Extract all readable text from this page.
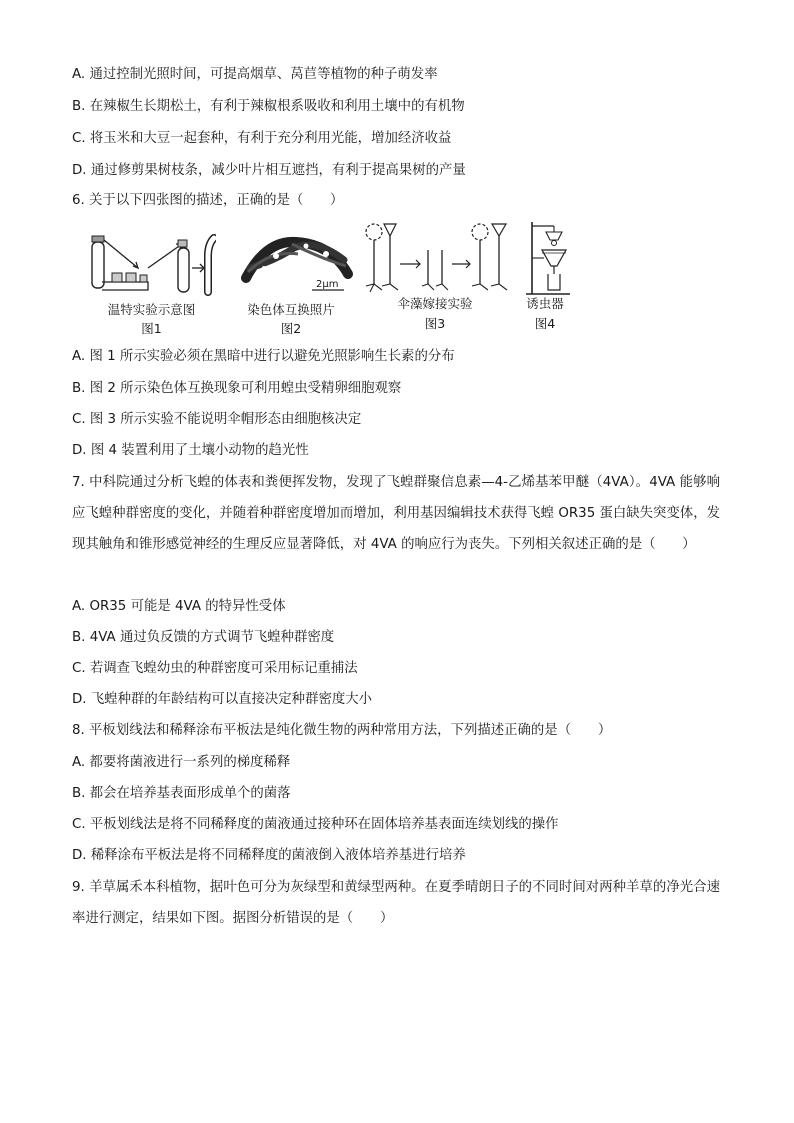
A. 通过控制光照时间，可提高烟草、莴苣等植物的种子萌发率
B. 在辣椒生长期松土，有利于辣椒根系吸收和利用土壤中的有机物
C. 将玉米和大豆一起套种，有利于充分利用光能，增加经济收益
D. 通过修剪果树枝条，减少叶片相互遮挡，有利于提高果树的产量
6. 关于以下四张图的描述，正确的是（　　）
温特实验示意图
图1
2μm
染色体互换照片
图2
伞藻嫁接实验
图3
诱虫器
图4
A. 图 1 所示实验必须在黑暗中进行以避免光照影响生长素的分布
B. 图 2 所示染色体互换现象可利用蝗虫受精卵细胞观察
C. 图 3 所示实验不能说明伞帽形态由细胞核决定
D. 图 4 装置利用了土壤小动物的趋光性
7. 中科院通过分析飞蝗的体表和粪便挥发物，发现了飞蝗群聚信息素—4-乙烯基苯甲醚（4VA）。4VA 能够响应飞蝗种群密度的变化，并随着种群密度增加而增加，利用基因编辑技术获得飞蝗 OR35 蛋白缺失突变体，发现其触角和锥形感觉神经的生理反应显著降低，对 4VA 的响应行为丧失。下列相关叙述正确的是（　　）
A. OR35 可能是 4VA 的特异性受体
B. 4VA 通过负反馈的方式调节飞蝗种群密度
C. 若调查飞蝗幼虫的种群密度可采用标记重捕法
D. 飞蝗种群的年龄结构可以直接决定种群密度大小
8. 平板划线法和稀释涂布平板法是纯化微生物的两种常用方法，下列描述正确的是（　　）
A. 都要将菌液进行一系列的梯度稀释
B. 都会在培养基表面形成单个的菌落
C. 平板划线法是将不同稀释度的菌液通过接种环在固体培养基表面连续划线的操作
D. 稀释涂布平板法是将不同稀释度的菌液倒入液体培养基进行培养
9. 羊草属禾本科植物，据叶色可分为灰绿型和黄绿型两种。在夏季晴朗日子的不同时间对两种羊草的净光合速率进行测定，结果如下图。据图分析错误的是（　　）
